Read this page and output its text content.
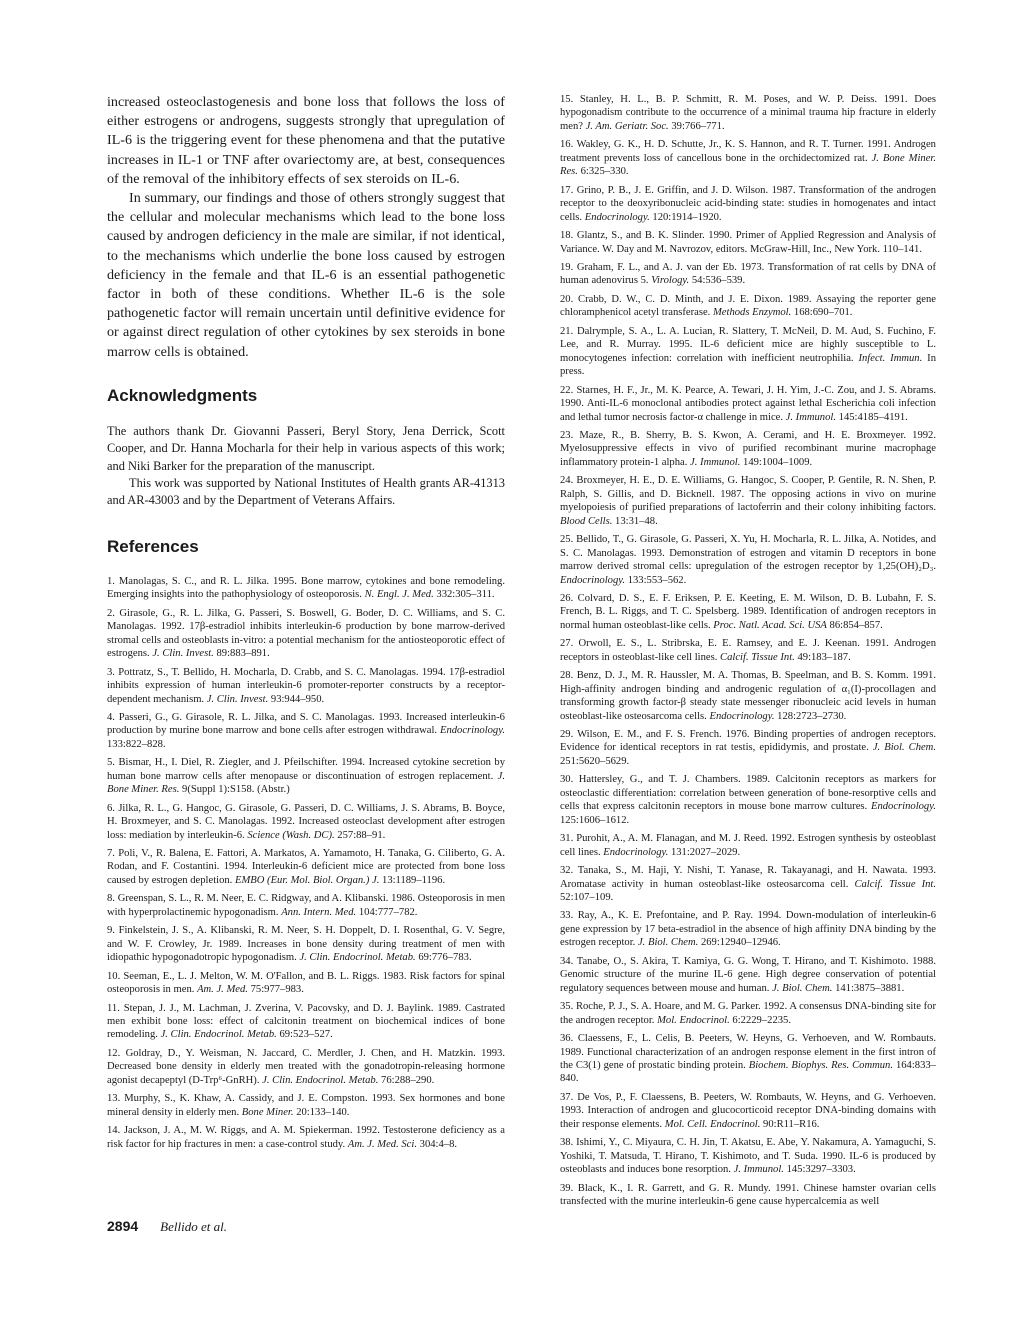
increased osteoclastogenesis and bone loss that follows the loss of either estrogens or androgens, suggests strongly that upregulation of IL-6 is the triggering event for these phenomena and that the putative increases in IL-1 or TNF after ovariectomy are, at best, consequences of the removal of the inhibitory effects of sex steroids on IL-6.

In summary, our findings and those of others strongly suggest that the cellular and molecular mechanisms which lead to the bone loss caused by androgen deficiency in the male are similar, if not identical, to the mechanisms which underlie the bone loss caused by estrogen deficiency in the female and that IL-6 is an essential pathogenetic factor in both of these conditions. Whether IL-6 is the sole pathogenetic factor will remain uncertain until definitive evidence for or against direct regulation of other cytokines by sex steroids in bone marrow cells is obtained.

Acknowledgments

The authors thank Dr. Giovanni Passeri, Beryl Story, Jena Derrick, Scott Cooper, and Dr. Hanna Mocharla for their help in various aspects of this work; and Niki Barker for the preparation of the manuscript.

This work was supported by National Institutes of Health grants AR-41313 and AR-43003 and by the Department of Veterans Affairs.

References
1. Manolagas, S. C., and R. L. Jilka. 1995. Bone marrow, cytokines and bone remodeling. Emerging insights into the pathophysiology of osteoporosis. N. Engl. J. Med. 332:305–311.
2. Girasole, G., R. L. Jilka, G. Passeri, S. Boswell, G. Boder, D. C. Williams, and S. C. Manolagas. 1992. 17β-estradiol inhibits interleukin-6 production by bone marrow-derived stromal cells and osteoblasts in-vitro: a potential mechanism for the antiosteoporotic effect of estrogens. J. Clin. Invest. 89:883–891.
3. Pottratz, S., T. Bellido, H. Mocharla, D. Crabb, and S. C. Manolagas. 1994. 17β-estradiol inhibits expression of human interleukin-6 promoter-reporter constructs by a receptor-dependent mechanism. J. Clin. Invest. 93:944–950.
4. Passeri, G., G. Girasole, R. L. Jilka, and S. C. Manolagas. 1993. Increased interleukin-6 production by murine bone marrow and bone cells after estrogen withdrawal. Endocrinology. 133:822–828.
5. Bismar, H., I. Diel, R. Ziegler, and J. Pfeilschifter. 1994. Increased cytokine secretion by human bone marrow cells after menopause or discontinuation of estrogen replacement. J. Bone Miner. Res. 9(Suppl 1):S158. (Abstr.)
6. Jilka, R. L., G. Hangoc, G. Girasole, G. Passeri, D. C. Williams, J. S. Abrams, B. Boyce, H. Broxmeyer, and S. C. Manolagas. 1992. Increased osteoclast development after estrogen loss: mediation by interleukin-6. Science (Wash. DC). 257:88–91.
7. Poli, V., R. Balena, E. Fattori, A. Markatos, A. Yamamoto, H. Tanaka, G. Ciliberto, G. A. Rodan, and F. Costantini. 1994. Interleukin-6 deficient mice are protected from bone loss caused by estrogen depletion. EMBO (Eur. Mol. Biol. Organ.) J. 13:1189–1196.
8. Greenspan, S. L., R. M. Neer, E. C. Ridgway, and A. Klibanski. 1986. Osteoporosis in men with hyperprolactinemic hypogonadism. Ann. Intern. Med. 104:777–782.
9. Finkelstein, J. S., A. Klibanski, R. M. Neer, S. H. Doppelt, D. I. Rosenthal, G. V. Segre, and W. F. Crowley, Jr. 1989. Increases in bone density during treatment of men with idiopathic hypogonadotropic hypogonadism. J. Clin. Endocrinol. Metab. 69:776–783.
10. Seeman, E., L. J. Melton, W. M. O'Fallon, and B. L. Riggs. 1983. Risk factors for spinal osteoporosis in men. Am. J. Med. 75:977–983.
11. Stepan, J. J., M. Lachman, J. Zverina, V. Pacovsky, and D. J. Baylink. 1989. Castrated men exhibit bone loss: effect of calcitonin treatment on biochemical indices of bone remodeling. J. Clin. Endocrinol. Metab. 69:523–527.
12. Goldray, D., Y. Weisman, N. Jaccard, C. Merdler, J. Chen, and H. Matzkin. 1993. Decreased bone density in elderly men treated with the gonadotropin-releasing hormone agonist decapeptyl (D-Trp⁶-GnRH). J. Clin. Endocrinol. Metab. 76:288–290.
13. Murphy, S., K. Khaw, A. Cassidy, and J. E. Compston. 1993. Sex hormones and bone mineral density in elderly men. Bone Miner. 20:133–140.
14. Jackson, J. A., M. W. Riggs, and A. M. Spiekerman. 1992. Testosterone deficiency as a risk factor for hip fractures in men: a case-control study. Am. J. Med. Sci. 304:4–8.
15. Stanley, H. L., B. P. Schmitt, R. M. Poses, and W. P. Deiss. 1991. Does hypogonadism contribute to the occurrence of a minimal trauma hip fracture in elderly men? J. Am. Geriatr. Soc. 39:766–771.
16. Wakley, G. K., H. D. Schutte, Jr., K. S. Hannon, and R. T. Turner. 1991. Androgen treatment prevents loss of cancellous bone in the orchidectomized rat. J. Bone Miner. Res. 6:325–330.
17. Grino, P. B., J. E. Griffin, and J. D. Wilson. 1987. Transformation of the androgen receptor to the deoxyribonucleic acid-binding state: studies in homogenates and intact cells. Endocrinology. 120:1914–1920.
18. Glantz, S., and B. K. Slinder. 1990. Primer of Applied Regression and Analysis of Variance. W. Day and M. Navrozov, editors. McGraw-Hill, Inc., New York. 110–141.
19. Graham, F. L., and A. J. van der Eb. 1973. Transformation of rat cells by DNA of human adenovirus 5. Virology. 54:536–539.
20. Crabb, D. W., C. D. Minth, and J. E. Dixon. 1989. Assaying the reporter gene chloramphenicol acetyl transferase. Methods Enzymol. 168:690–701.
21. Dalrymple, S. A., L. A. Lucian, R. Slattery, T. McNeil, D. M. Aud, S. Fuchino, F. Lee, and R. Murray. 1995. IL-6 deficient mice are highly susceptible to L. monocytogenes infection: correlation with inefficient neutrophilia. Infect. Immun. In press.
22. Starnes, H. F., Jr., M. K. Pearce, A. Tewari, J. H. Yim, J.-C. Zou, and J. S. Abrams. 1990. Anti-IL-6 monoclonal antibodies protect against lethal Escherichia coli infection and lethal tumor necrosis factor-α challenge in mice. J. Immunol. 145:4185–4191.
23. Maze, R., B. Sherry, B. S. Kwon, A. Cerami, and H. E. Broxmeyer. 1992. Myelosuppressive effects in vivo of purified recombinant murine macrophage inflammatory protein-1 alpha. J. Immunol. 149:1004–1009.
24. Broxmeyer, H. E., D. E. Williams, G. Hangoc, S. Cooper, P. Gentile, R. N. Shen, P. Ralph, S. Gillis, and D. Bicknell. 1987. The opposing actions in vivo on murine myelopoiesis of purified preparations of lactoferrin and their colony inhibiting factors. Blood Cells. 13:31–48.
25. Bellido, T., G. Girasole, G. Passeri, X. Yu, H. Mocharla, R. L. Jilka, A. Notides, and S. C. Manolagas. 1993. Demonstration of estrogen and vitamin D receptors in bone marrow derived stromal cells: upregulation of the estrogen receptor by 1,25(OH)₂D₃. Endocrinology. 133:553–562.
26. Colvard, D. S., E. F. Eriksen, P. E. Keeting, E. M. Wilson, D. B. Lubahn, F. S. French, B. L. Riggs, and T. C. Spelsberg. 1989. Identification of androgen receptors in normal human osteoblast-like cells. Proc. Natl. Acad. Sci. USA 86:854–857.
27. Orwoll, E. S., L. Stribrska, E. E. Ramsey, and E. J. Keenan. 1991. Androgen receptors in osteoblast-like cell lines. Calcif. Tissue Int. 49:183–187.
28. Benz, D. J., M. R. Haussler, M. A. Thomas, B. Speelman, and B. S. Komm. 1991. High-affinity androgen binding and androgenic regulation of α₁(I)-procollagen and transforming growth factor-β steady state messenger ribonucleic acid levels in human osteoblast-like osteosarcoma cells. Endocrinology. 128:2723–2730.
29. Wilson, E. M., and F. S. French. 1976. Binding properties of androgen receptors. Evidence for identical receptors in rat testis, epididymis, and prostate. J. Biol. Chem. 251:5620–5629.
30. Hattersley, G., and T. J. Chambers. 1989. Calcitonin receptors as markers for osteoclastic differentiation: correlation between generation of bone-resorptive cells and cells that express calcitonin receptors in mouse bone marrow cultures. Endocrinology. 125:1606–1612.
31. Purohit, A., A. M. Flanagan, and M. J. Reed. 1992. Estrogen synthesis by osteoblast cell lines. Endocrinology. 131:2027–2029.
32. Tanaka, S., M. Haji, Y. Nishi, T. Yanase, R. Takayanagi, and H. Nawata. 1993. Aromatase activity in human osteoblast-like osteosarcoma cell. Calcif. Tissue Int. 52:107–109.
33. Ray, A., K. E. Prefontaine, and P. Ray. 1994. Down-modulation of interleukin-6 gene expression by 17 beta-estradiol in the absence of high affinity DNA binding by the estrogen receptor. J. Biol. Chem. 269:12940–12946.
34. Tanabe, O., S. Akira, T. Kamiya, G. G. Wong, T. Hirano, and T. Kishimoto. 1988. Genomic structure of the murine IL-6 gene. High degree conservation of potential regulatory sequences between mouse and human. J. Biol. Chem. 141:3875–3881.
35. Roche, P. J., S. A. Hoare, and M. G. Parker. 1992. A consensus DNA-binding site for the androgen receptor. Mol. Endocrinol. 6:2229–2235.
36. Claessens, F., L. Celis, B. Peeters, W. Heyns, G. Verhoeven, and W. Rombauts. 1989. Functional characterization of an androgen response element in the first intron of the C3(1) gene of prostatic binding protein. Biochem. Biophys. Res. Commun. 164:833–840.
37. De Vos, P., F. Claessens, B. Peeters, W. Rombauts, W. Heyns, and G. Verhoeven. 1993. Interaction of androgen and glucocorticoid receptor DNA-binding domains with their response elements. Mol. Cell. Endocrinol. 90:R11–R16.
38. Ishimi, Y., C. Miyaura, C. H. Jin, T. Akatsu, E. Abe, Y. Nakamura, A. Yamaguchi, S. Yoshiki, T. Matsuda, T. Hirano, T. Kishimoto, and T. Suda. 1990. IL-6 is produced by osteoblasts and induces bone resorption. J. Immunol. 145:3297–3303.
39. Black, K., I. R. Garrett, and G. R. Mundy. 1991. Chinese hamster ovarian cells transfected with the murine interleukin-6 gene cause hypercalcemia as well
2894 Bellido et al.
